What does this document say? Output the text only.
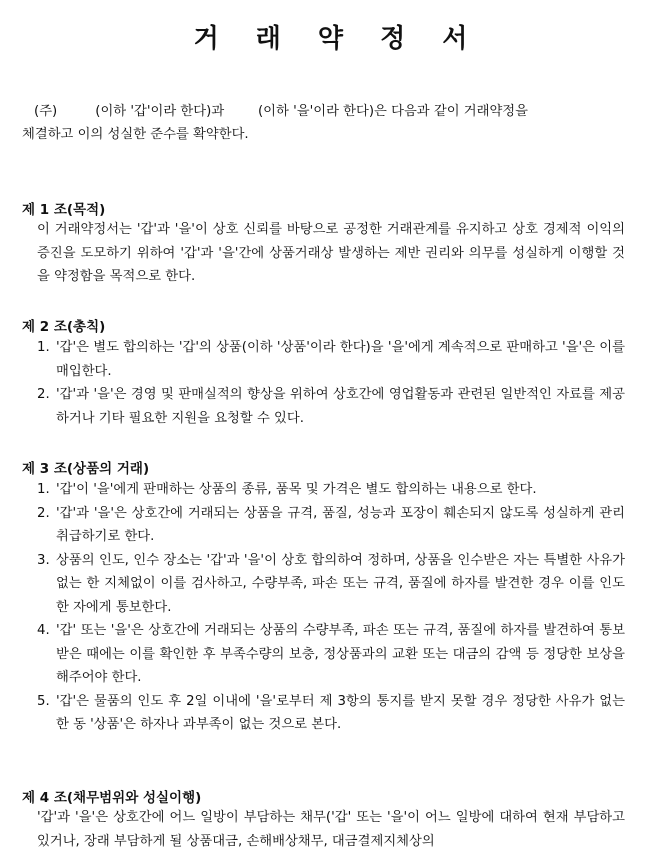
거 래 약 정 서
(주)         (이하 '갑'이라 한다)과        (이하 '을'이라 한다)은 다음과 같이 거래약정을
체결하고 이의 성실한 준수를 확약한다.
제 1 조(목적)
이 거래약정서는 '갑'과 '을'이 상호 신뢰를 바탕으로 공정한 거래관계를 유지하고 상호 경제적 이익의 증진을 도모하기 위하여 '갑'과 '을'간에 상품거래상 발생하는 제반 권리와 의무를 성실하게 이행할 것을 약정함을 목적으로 한다.
제 2 조(총칙)
1. '갑'은 별도 합의하는 '갑'의 상품(이하 '상품'이라 한다)을 '을'에게 계속적으로 판매하고 '을'은 이를 매입한다.
2. '갑'과 '을'은 경영 및 판매실적의 향상을 위하여 상호간에 영업활동과 관련된 일반적인 자료를 제공하거나 기타 필요한 지원을 요청할 수 있다.
제 3 조(상품의 거래)
1. '갑'이 '을'에게 판매하는 상품의 종류, 품목 및 가격은 별도 합의하는 내용으로 한다.
2. '갑'과 '을'은 상호간에 거래되는 상품을 규격, 품질, 성능과 포장이 훼손되지 않도록 성실하게 관리 취급하기로 한다.
3. 상품의 인도, 인수 장소는 '갑'과 '을'이 상호 합의하여 정하며, 상품을 인수받은 자는 특별한 사유가 없는 한 지체없이 이를 검사하고, 수량부족, 파손 또는 규격, 품질에 하자를 발견한 경우 이를 인도한 자에게 통보한다.
4. '갑' 또는 '을'은 상호간에 거래되는 상품의 수량부족, 파손 또는 규격, 품질에 하자를 발견하여 통보받은 때에는 이를 확인한 후 부족수량의 보충, 정상품과의 교환 또는 대금의 감액 등 정당한 보상을 해주어야 한다.
5. '갑'은 물품의 인도 후 2일 이내에 '을'로부터 제 3항의 통지를 받지 못할 경우 정당한 사유가 없는 한 동 '상품'은 하자나 과부족이 없는 것으로 본다.
제 4 조(채무범위와 성실이행)
'갑'과 '을'은 상호간에 어느 일방이 부담하는 채무('갑' 또는 '을'이 어느 일방에 대하여 현재 부담하고 있거나, 장래 부담하게 될 상품대금, 손해배상채무, 대금결제지체상의
